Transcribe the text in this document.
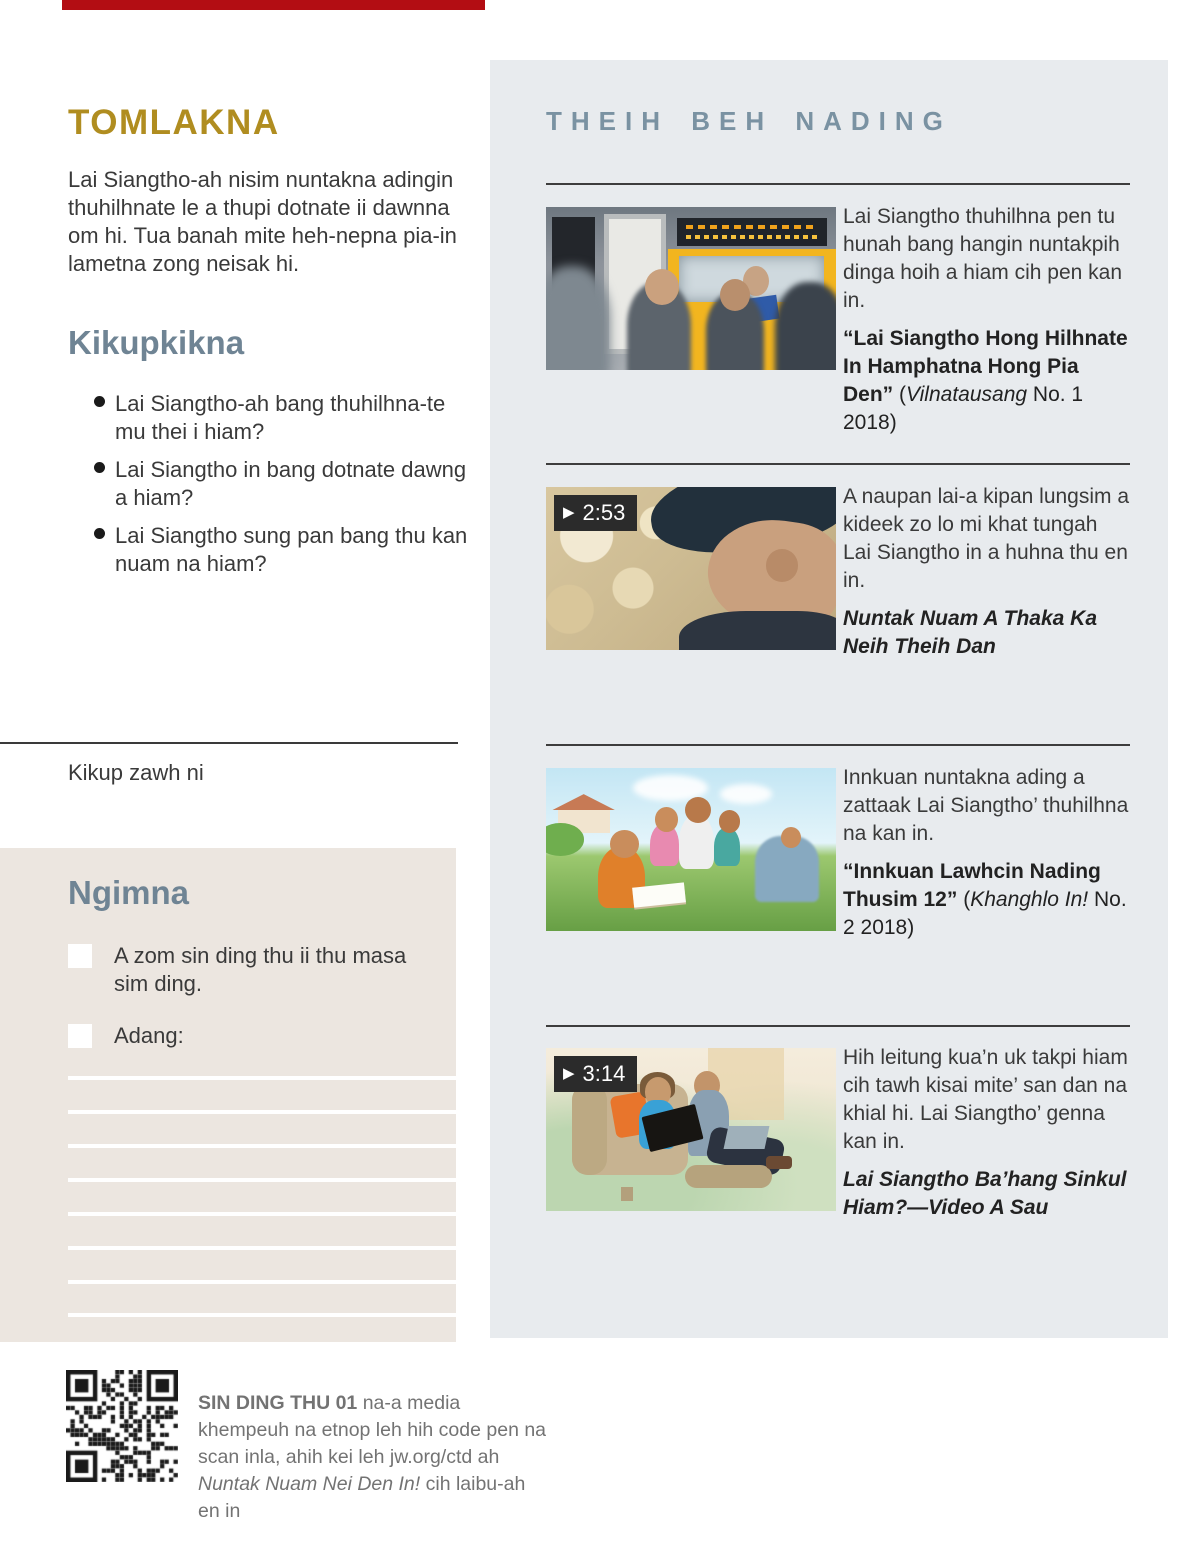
TOMLAKNA
Lai Siangtho-ah nisim nuntakna adingin thuhilhnate le a thupi dotnate ii dawnna om hi. Tua banah mite heh-nepna pia-in lametna zong neisak hi.
Kikupkikna
Lai Siangtho-ah bang thuhilhna-te mu thei i hiam?
Lai Siangtho in bang dotnate dawng a hiam?
Lai Siangtho sung pan bang thu kan nuam na hiam?
Kikup zawh ni
Ngimna
A zom sin ding thu ii thu masa sim ding.
Adang:
THEIH BEH NADING
Lai Siangtho thuhilhna pen tu hunah bang hangin nuntakpih dinga hoih a hiam cih pen kan in.
“Lai Siangtho Hong Hilhnate In Hamphatna Hong Pia Den” (Vilnatausang No. 1 2018)
▶ 2:53
A naupan lai-a kipan lungsim a kideek zo lo mi khat tungah Lai Siangtho in a huhna thu en in.
Nuntak Nuam A Thaka Ka Neih Theih Dan
Innkuan nuntakna ading a zattaak Lai Siangtho’ thuhilhna na kan in.
“Innkuan Lawhcin Nading Thusim 12” (Khanghlo In! No. 2 2018)
▶ 3:14
Hih leitung kua’n uk takpi hiam cih tawh kisai mite’ san dan na khial hi. Lai Siangtho’ genna kan in.
Lai Siangtho Ba’hang Sinkul Hiam?—Video A Sau
SIN DING THU 01 na-a media khempeuh na etnop leh hih code pen na scan inla, ahih kei leh jw.org/ctd ah Nuntak Nuam Nei Den In! cih laibu-ah en in
